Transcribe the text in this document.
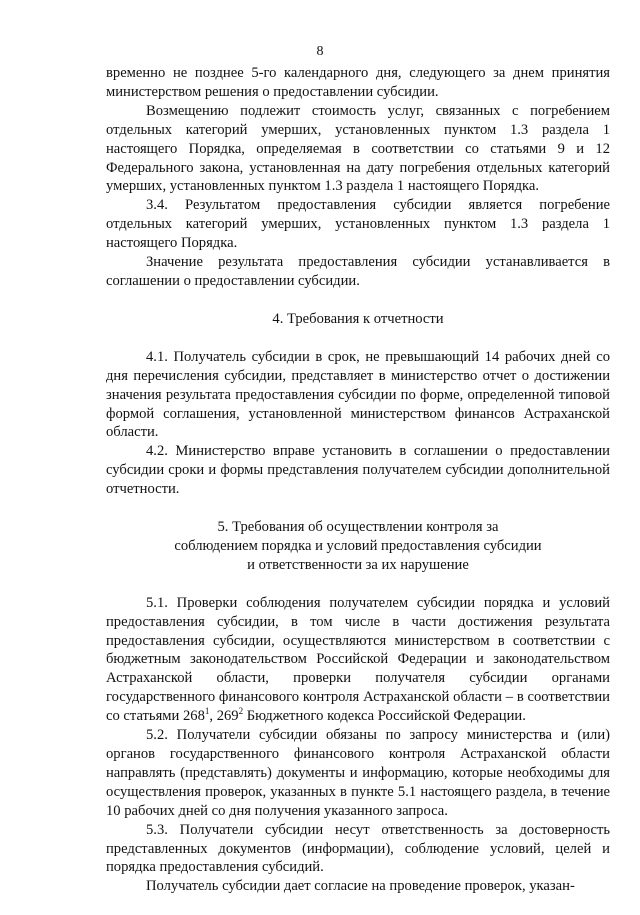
8

временно не позднее 5-го календарного дня, следующего за днем принятия министерством решения о предоставлении субсидии.

Возмещению подлежит стоимость услуг, связанных с погребением отдельных категорий умерших, установленных пунктом 1.3 раздела 1 настоящего Порядка, определяемая в соответствии со статьями 9 и 12 Федерального закона, установленная на дату погребения отдельных категорий умерших, установленных пунктом 1.3 раздела 1 настоящего Порядка.

3.4. Результатом предоставления субсидии является погребение отдельных категорий умерших, установленных пунктом 1.3 раздела 1 настоящего Порядка.

Значение результата предоставления субсидии устанавливается в соглашении о предоставлении субсидии.

4. Требования к отчетности

4.1. Получатель субсидии в срок, не превышающий 14 рабочих дней со дня перечисления субсидии, представляет в министерство отчет о достижении значения результата предоставления субсидии по форме, определенной типовой формой соглашения, установленной министерством финансов Астраханской области.

4.2. Министерство вправе установить в соглашении о предоставлении субсидии сроки и формы представления получателем субсидии дополнительной отчетности.

5. Требования об осуществлении контроля за
соблюдением порядка и условий предоставления субсидии
и ответственности за их нарушение

5.1. Проверки соблюдения получателем субсидии порядка и условий предоставления субсидии, в том числе в части достижения результата предоставления субсидии, осуществляются министерством в соответствии с бюджетным законодательством Российской Федерации и законодательством Астраханской области, проверки получателя субсидии органами государственного финансового контроля Астраханской области – в соответствии со статьями $268^1$, $269^2$ Бюджетного кодекса Российской Федерации.

5.2. Получатели субсидии обязаны по запросу министерства и (или) органов государственного финансового контроля Астраханской области направлять (представлять) документы и информацию, которые необходимы для осуществления проверок, указанных в пункте 5.1 настоящего раздела, в течение 10 рабочих дней со дня получения указанного запроса.

5.3. Получатели субсидии несут ответственность за достоверность представленных документов (информации), соблюдение условий, целей и порядка предоставления субсидий.

Получатель субсидии дает согласие на проведение проверок, указан-
